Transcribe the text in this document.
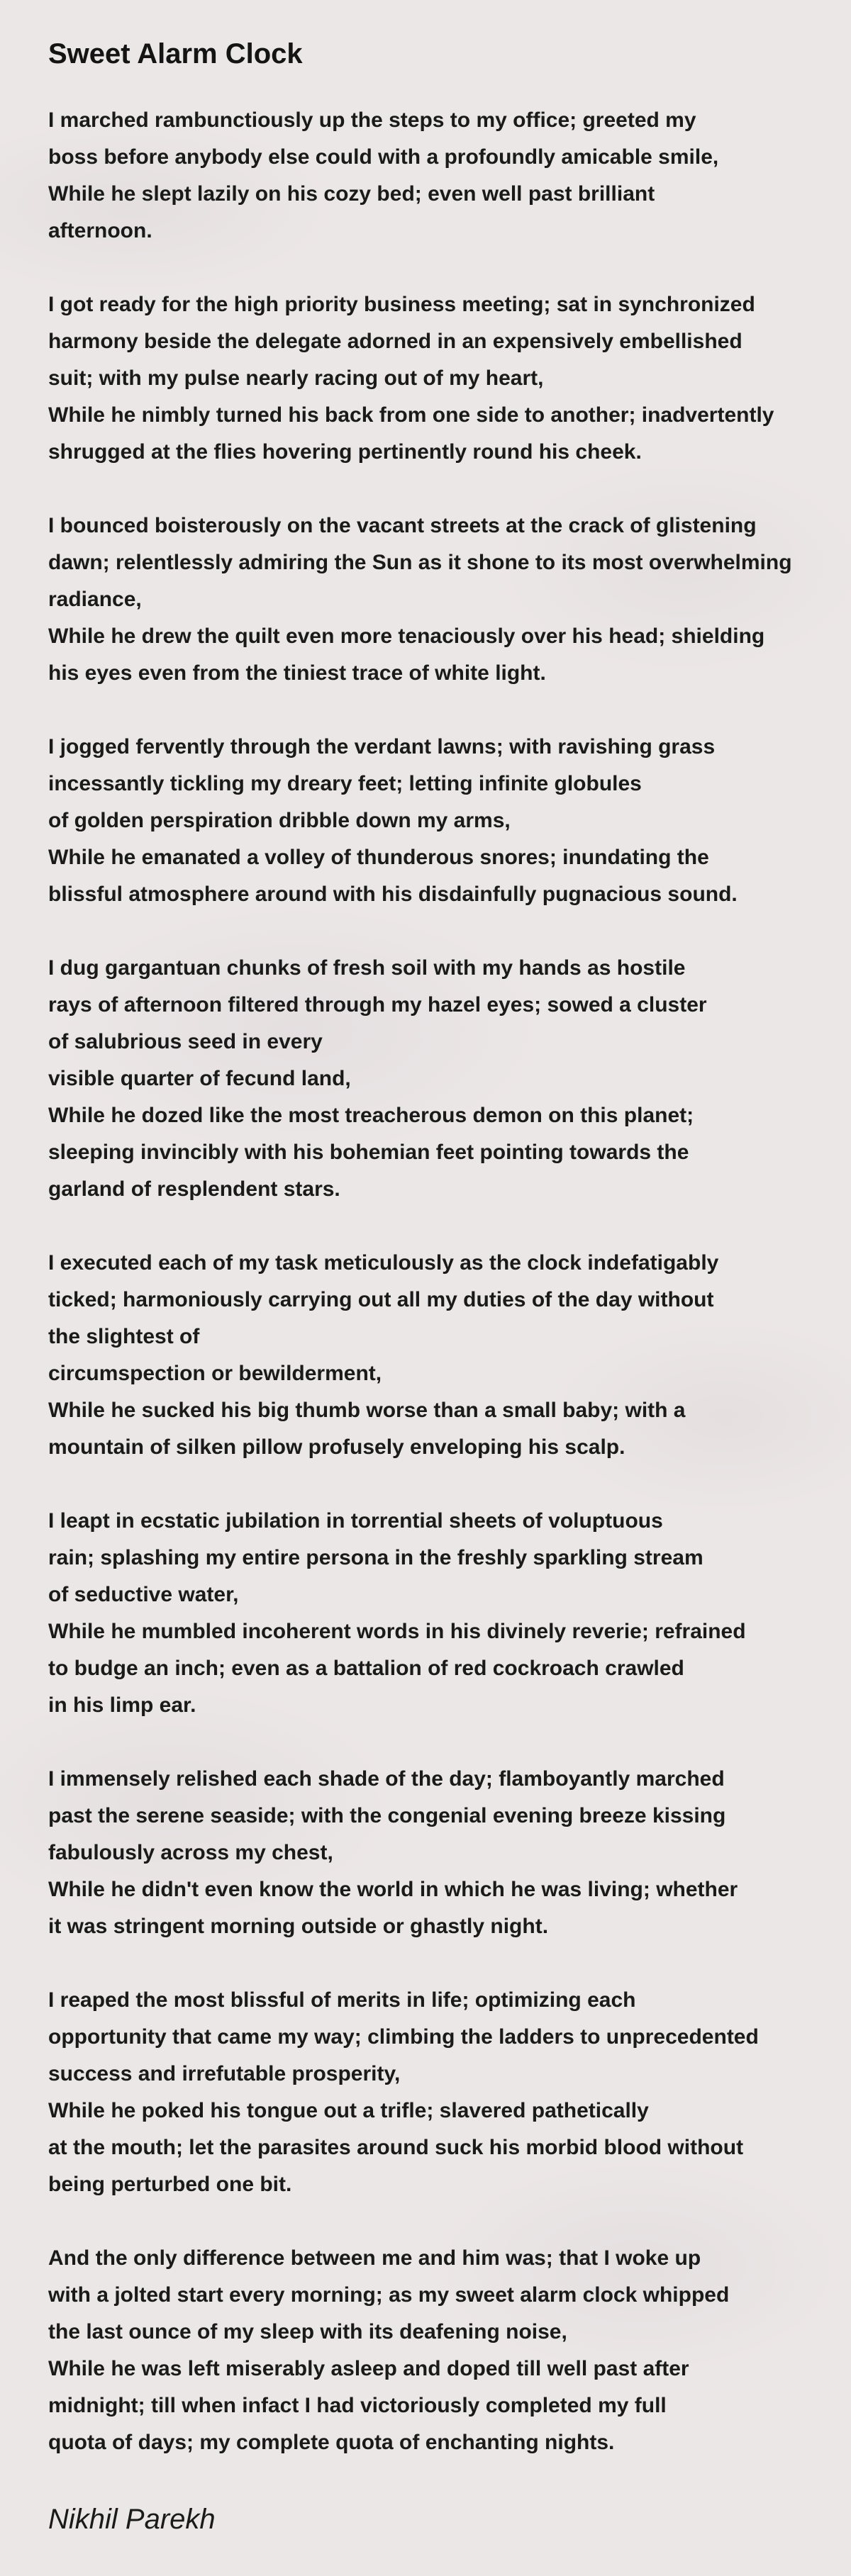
Sweet Alarm Clock
I marched rambunctiously up the steps to my office; greeted my
boss before anybody else could with a profoundly amicable smile,
While he slept lazily on his cozy bed; even well past brilliant
afternoon.
I got ready for the high priority business meeting; sat in synchronized
harmony beside the delegate adorned in an expensively embellished
suit; with my pulse nearly racing out of my heart,
While he nimbly turned his back from one side to another; inadvertently
shrugged at the flies hovering pertinently round his cheek.
I bounced boisterously on the vacant streets at the crack of glistening
dawn; relentlessly admiring the Sun as it shone to its most overwhelming
radiance,
While he drew the quilt even more tenaciously over his head; shielding
his eyes even from the tiniest trace of white light.
I jogged fervently through the verdant lawns; with ravishing grass
incessantly tickling my dreary feet; letting infinite globules
of golden perspiration dribble down my arms,
While he emanated a volley of thunderous snores; inundating the
blissful atmosphere around with his disdainfully pugnacious sound.
I dug gargantuan chunks of fresh soil with my hands as hostile
rays of afternoon filtered through my hazel eyes; sowed a cluster
of salubrious seed in every
visible quarter of fecund land,
While he dozed like the most treacherous demon on this planet;
sleeping invincibly with his bohemian feet pointing towards the
garland of resplendent stars.
I executed each of my task meticulously as the clock indefatigably
ticked; harmoniously carrying out all my duties of the day without
the slightest of
circumspection or bewilderment,
While he sucked his big thumb worse than a small baby; with a
mountain of silken pillow profusely enveloping his scalp.
I leapt in ecstatic jubilation in torrential sheets of voluptuous
rain; splashing my entire persona in the freshly sparkling stream
of seductive water,
While he mumbled incoherent words in his divinely reverie; refrained
to budge an inch; even as a battalion of red cockroach crawled
in his limp ear.
I immensely relished each shade of the day; flamboyantly marched
past the serene seaside; with the congenial evening breeze kissing
fabulously across my chest,
While he didn't even know the world in which he was living; whether
it was stringent morning outside or ghastly night.
I reaped the most blissful of merits in life; optimizing each
opportunity that came my way; climbing the ladders to unprecedented
success and irrefutable prosperity,
While he poked his tongue out a trifle; slavered pathetically
at the mouth; let the parasites around suck his morbid blood without
being perturbed one bit.
And the only difference between me and him was; that I woke up
with a jolted start every morning; as my sweet alarm clock whipped
the last ounce of my sleep with its deafening noise,
While he was left miserably asleep and doped till well past after
midnight; till when infact I had victoriously completed my full
quota of days; my complete quota of enchanting nights.
Nikhil Parekh
